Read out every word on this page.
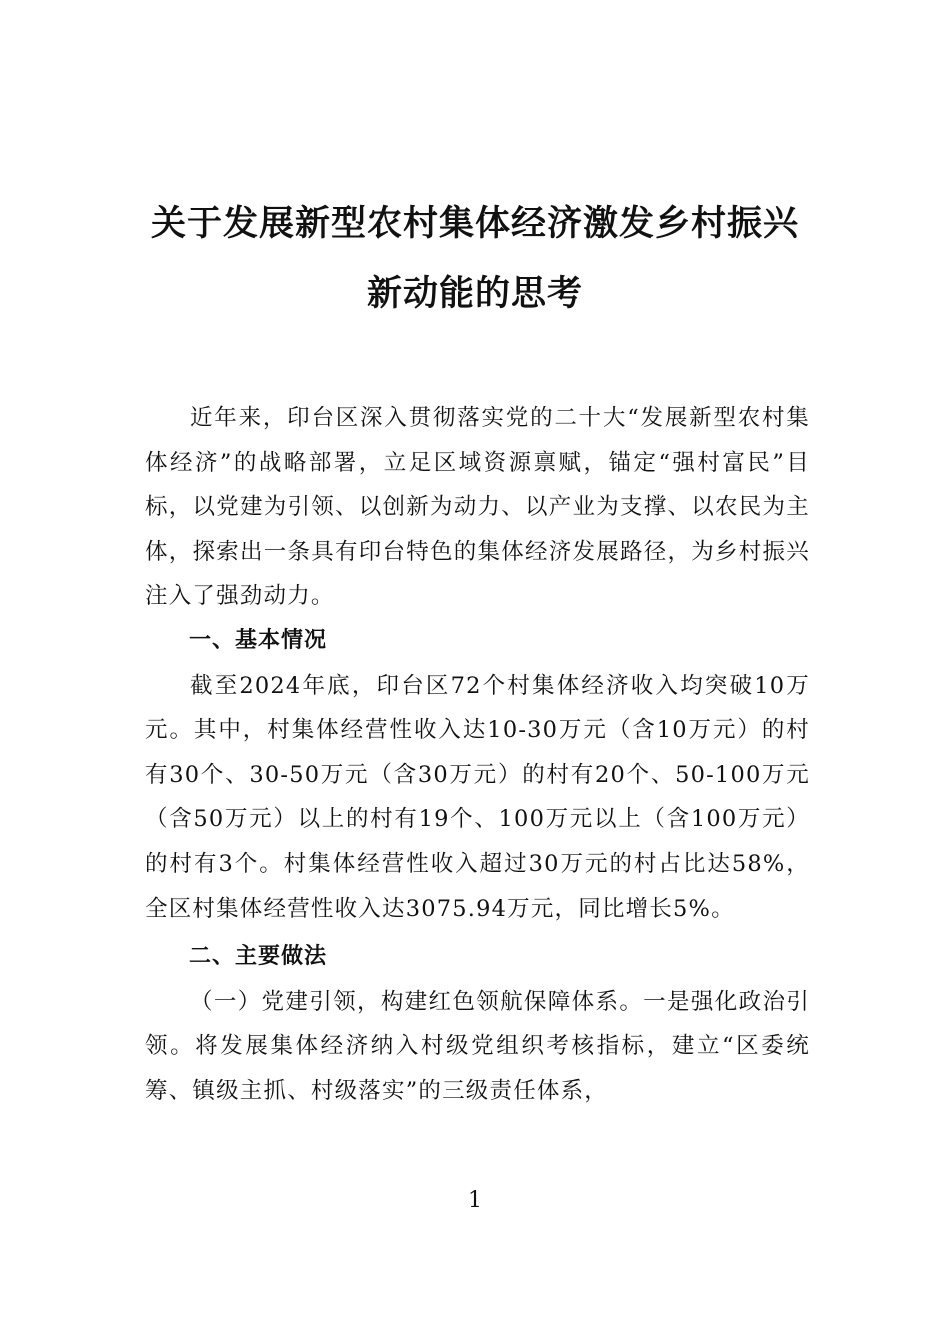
关于发展新型农村集体经济激发乡村振兴
新动能的思考

近年来，印台区深入贯彻落实党的二十大“发展新型农村集体经济”的战略部署，立足区域资源禀赋，锚定“强村富民”目标，以党建为引领、以创新为动力、以产业为支撑、以农民为主体，探索出一条具有印台特色的集体经济发展路径，为乡村振兴注入了强劲动力。

一、基本情况

截至2024年底，印台区72个村集体经济收入均突破10万元。其中，村集体经营性收入达10-30万元（含10万元）的村有30个、30-50万元（含30万元）的村有20个、50-100万元（含50万元）以上的村有19个、100万元以上（含100万元）的村有3个。村集体经营性收入超过30万元的村占比达58%，全区村集体经营性收入达3075.94万元，同比增长5%。

二、主要做法

（一）党建引领，构建红色领航保障体系。一是强化政治引领。将发展集体经济纳入村级党组织考核指标，建立“区委统筹、镇级主抓、村级落实”的三级责任体系，

1
